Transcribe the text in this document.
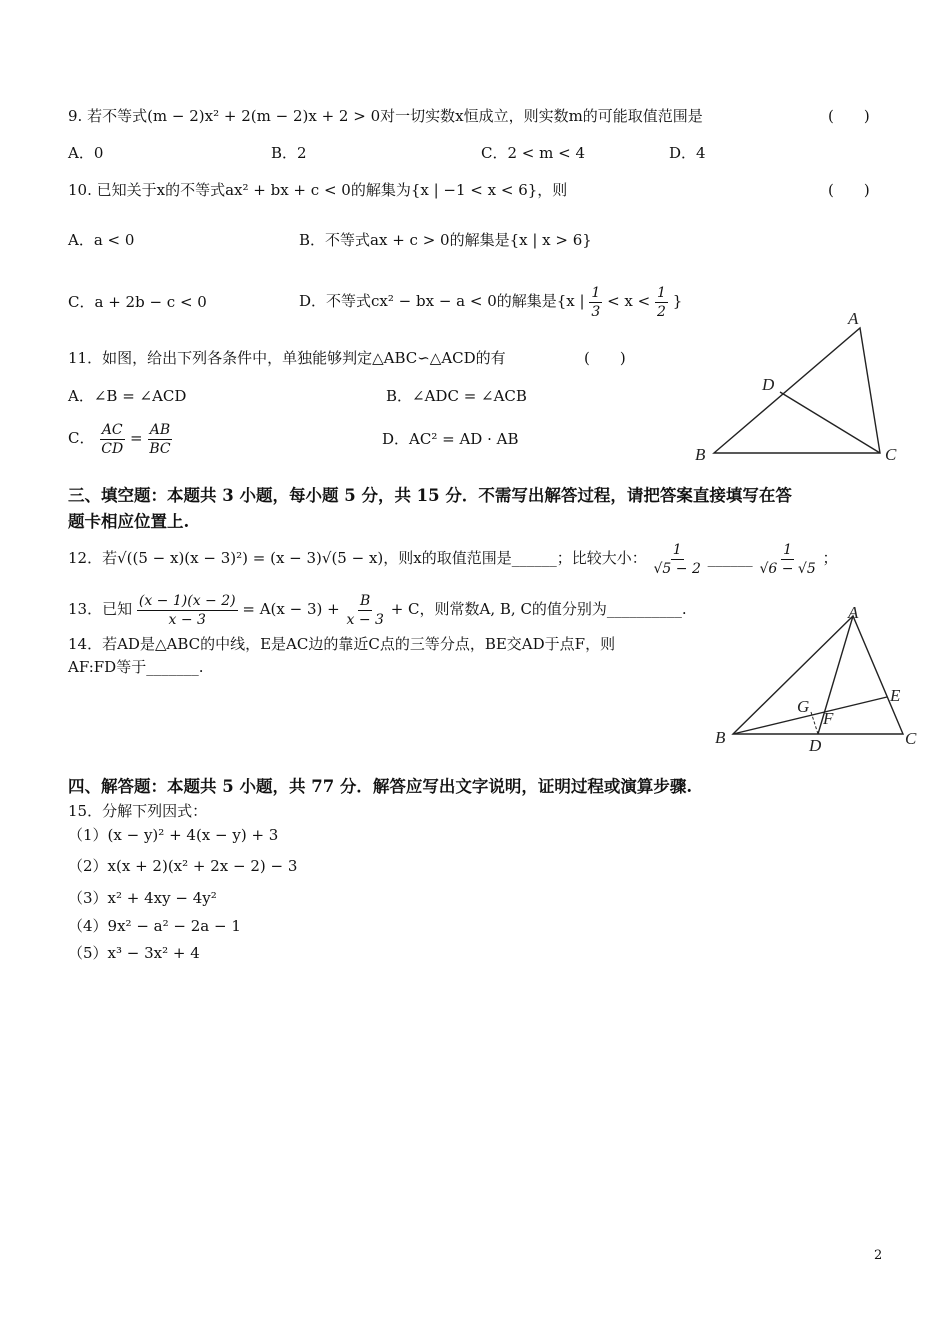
9. 若不等式(m − 2)x² + 2(m − 2)x + 2 > 0对一切实数x恒成立，则实数m的可能取值范围是	(　　)
A．0	B．2	C．2 < m < 4	D．4
10. 已知关于x的不等式ax² + bx + c < 0的解集为{x | −1 < x < 6}，则	(　　)
A．a < 0	B．不等式ax + c > 0的解集是{x | x > 6}
C．a + 2b − c < 0	D．不等式cx² − bx − a < 0的解集是{x | $\frac{1}{3} < x < \frac{1}{2}$ }
11．如图，给出下列各条件中，单独能够判定△ABC∽△ACD的有	(　　)
A．∠B = ∠ACD	B．∠ADC = ∠ACB
C． $\frac{AC}{CD} = \frac{AB}{BC}$	D．AC² = AD · AB
A
B	C
D
三、填空题：本题共 3 小题，每小题 5 分，共 15 分．不需写出解答过程，请把答案直接填写在答
题卡相应位置上.
12．若√((5 − x)(x − 3)²) = (x − 3)√(5 − x)，则x的取值范围是______；比较大小： $\frac{1}{√5 - 2}$ ______ $\frac{1}{√6 - √5}$ ；
13．已知 $\frac{(x - 1)(x - 2)}{x - 3} = A(x - 3) + \frac{B}{x - 3} + C$，则常数A, B, C的值分别为__________.
14．若AD是△ABC的中线，E是AC边的靠近C点的三等分点，BE交AD于点F，则
AF:FD等于_______.
A
B	C
D
E
F
G
四、解答题：本题共 5 小题，共 77 分．解答应写出文字说明，证明过程或演算步骤.
15．分解下列因式：
（1）(x − y)² + 4(x − y) + 3
（2）x(x + 2)(x² + 2x − 2) − 3
（3）x² + 4xy − 4y²
（4）9x² − a² − 2a − 1
（5）x³ − 3x² + 4
2
